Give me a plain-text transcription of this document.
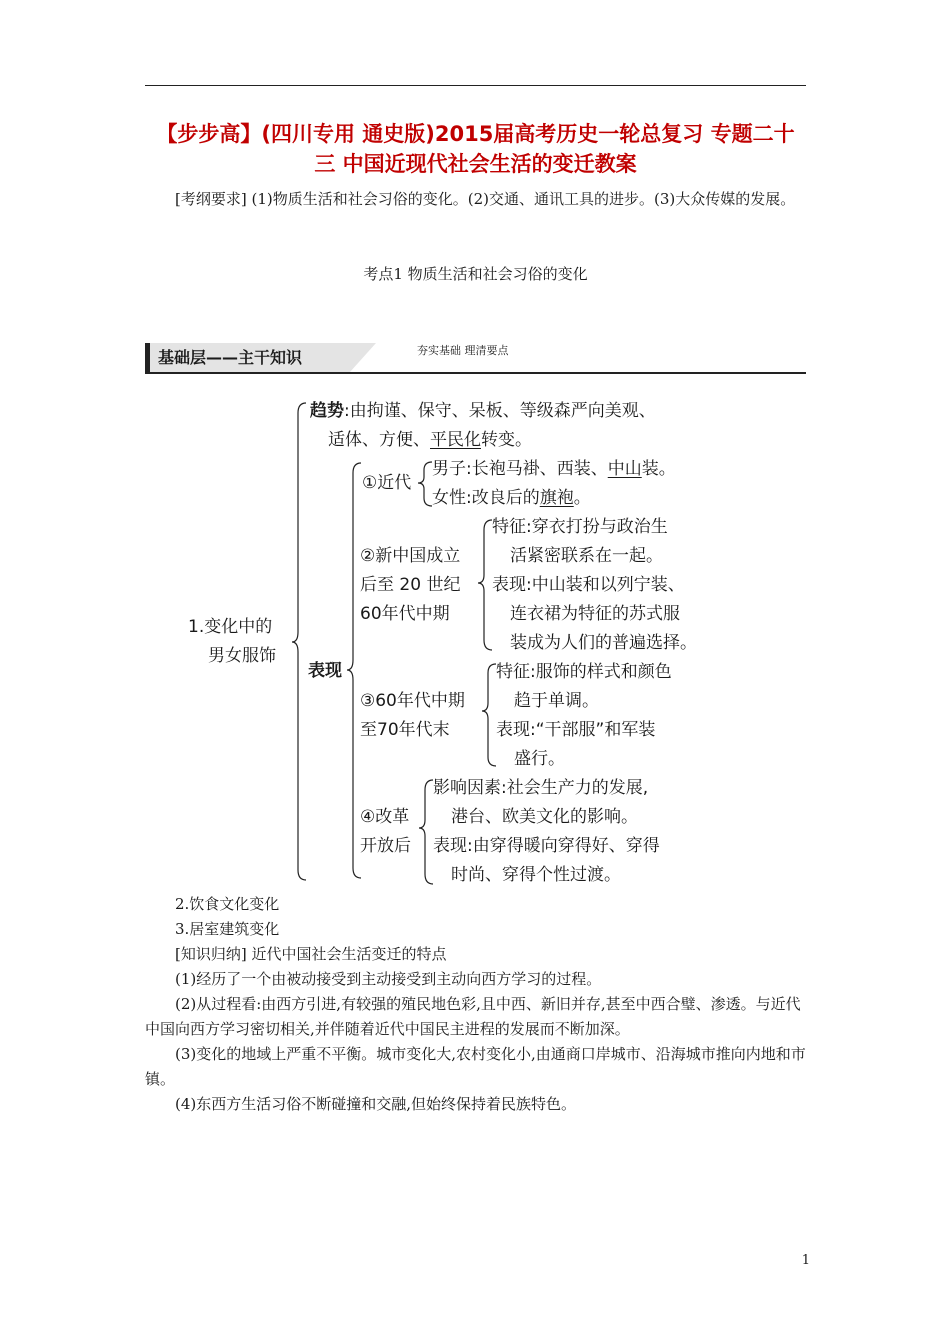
【步步高】(四川专用 通史版)2015届高考历史一轮总复习 专题二十
三 中国近现代社会生活的变迁教案
[考纲要求] (1)物质生活和社会习俗的变化。(2)交通、通讯工具的进步。(3)大众传媒的发展。
考点1 物质生活和社会习俗的变化
基础层——主干知识	夯实基础 理清要点
1.变化中的
男女服饰
趋势:由拘谨、保守、呆板、等级森严向美观、
适体、方便、平民化转变。
表现
①近代
男子:长袍马褂、西装、中山装。
女性:改良后的旗袍。
②新中国成立
后至 20 世纪
60年代中期
特征:穿衣打扮与政治生
活紧密联系在一起。
表现:中山装和以列宁装、
连衣裙为特征的苏式服
装成为人们的普遍选择。
③60年代中期
至70年代末
特征:服饰的样式和颜色
趋于单调。
表现:“干部服”和军装
盛行。
④改革
开放后
影响因素:社会生产力的发展,
港台、欧美文化的影响。
表现:由穿得暖向穿得好、穿得
时尚、穿得个性过渡。
2.饮食文化变化
3.居室建筑变化
[知识归纳] 近代中国社会生活变迁的特点
(1)经历了一个由被动接受到主动接受到主动向西方学习的过程。
(2)从过程看:由西方引进,有较强的殖民地色彩,且中西、新旧并存,甚至中西合璧、渗透。与近代中国向西方学习密切相关,并伴随着近代中国民主进程的发展而不断加深。
(3)变化的地域上严重不平衡。城市变化大,农村变化小,由通商口岸城市、沿海城市推向内地和市镇。
(4)东西方生活习俗不断碰撞和交融,但始终保持着民族特色。
1
